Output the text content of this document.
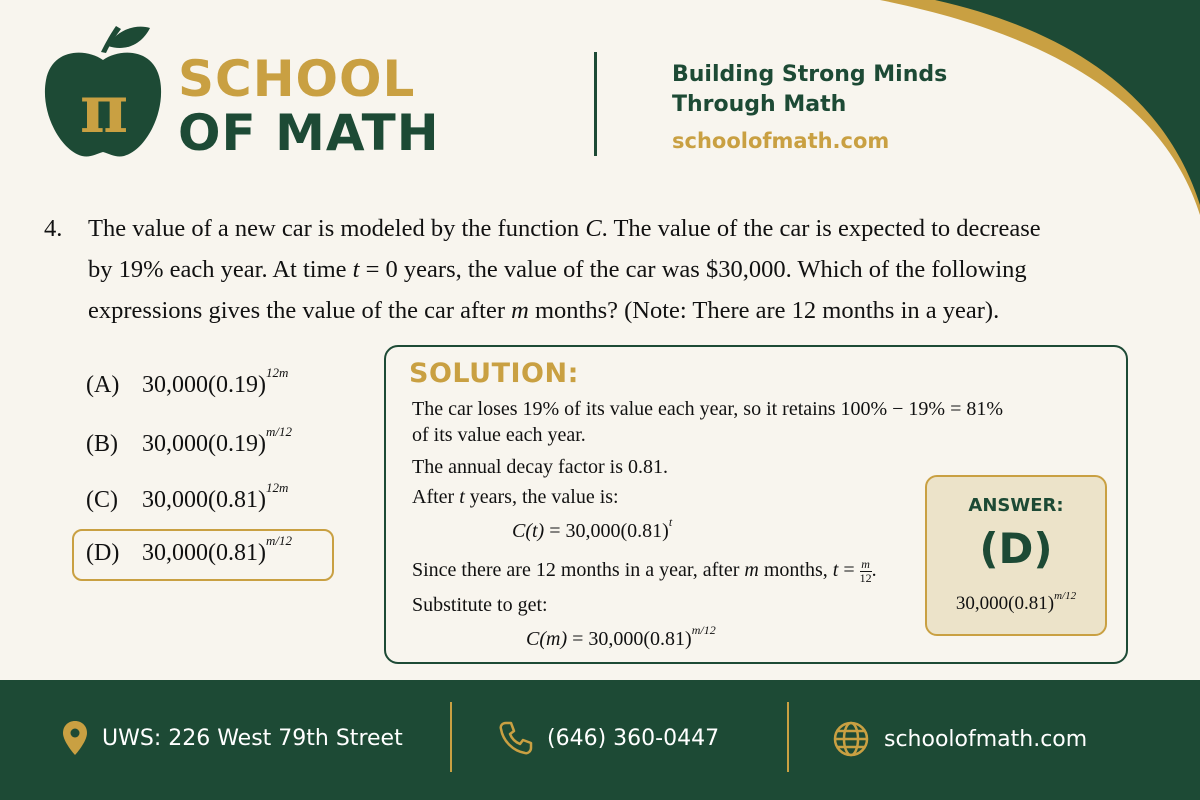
π SCHOOL
OF MATH
Building Strong Minds
Through Math
schoolofmath.com
4.	The value of a new car is modeled by the function C. The value of the car is expected to decrease
by 19% each year. At time t = 0 years, the value of the car was $30,000. Which of the following
expressions gives the value of the car after m months? (Note: There are 12 months in a year).
(A) $30,000(0.19)^{12m}$
(B) $30,000(0.19)^{m/12}$
(C) $30,000(0.81)^{12m}$
(D) $30,000(0.81)^{m/12}$
SOLUTION:
The car loses 19% of its value each year, so it retains 100% − 19% = 81%
of its value each year.
The annual decay factor is 0.81.
After t years, the value is:
$C(t) = 30,000(0.81)^t$
Since there are 12 months in a year, after m months, $t = \frac{m}{12}$ .
Substitute to get:
$C(m) = 30,000(0.81)^{m/12}$
ANSWER:
(D)
$30,000(0.81)^{m/12}$
UWS: 226 West 79th Street	(646) 360-0447	schoolofmath.com
